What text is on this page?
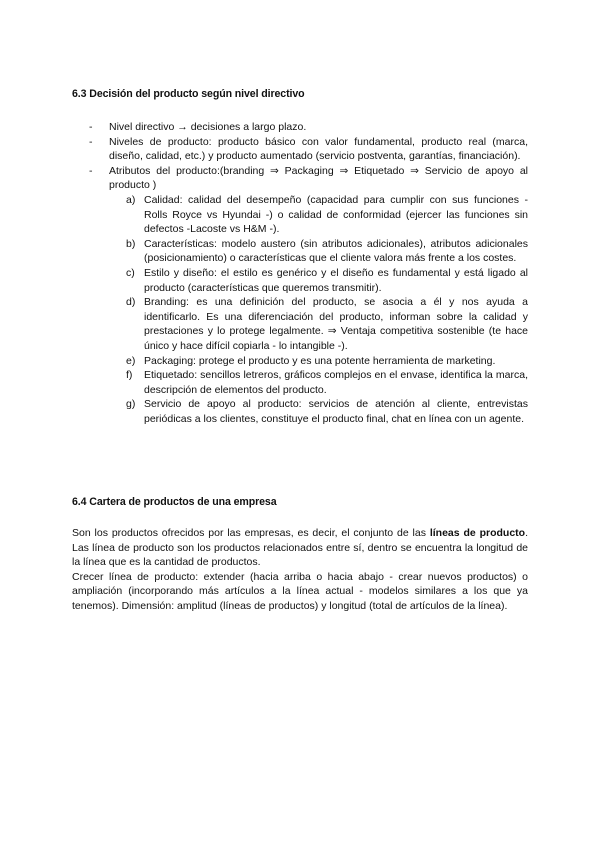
6.3 Decisión del producto según nivel directivo
- Nivel directivo → decisiones a largo plazo.
- Niveles de producto: producto básico con valor fundamental, producto real (marca, diseño, calidad, etc.) y producto aumentado (servicio postventa, garantías, financiación).
- Atributos del producto:(branding ⇒ Packaging ⇒ Etiquetado ⇒ Servicio de apoyo al producto )
a) Calidad: calidad del desempeño (capacidad para cumplir con sus funciones - Rolls Royce vs Hyundai -) o calidad de conformidad (ejercer las funciones sin defectos -Lacoste vs H&M -).
b) Características: modelo austero (sin atributos adicionales), atributos adicionales (posicionamiento) o características que el cliente valora más frente a los costes.
c) Estilo y diseño: el estilo es genérico y el diseño es fundamental y está ligado al producto (características que queremos transmitir).
d) Branding: es una definición del producto, se asocia a él y nos ayuda a identificarlo. Es una diferenciación del producto, informan sobre la calidad y prestaciones y lo protege legalmente. ⇒ Ventaja competitiva sostenible (te hace único y hace difícil copiarla - lo intangible -).
e) Packaging: protege el producto y es una potente herramienta de marketing.
f) Etiquetado: sencillos letreros, gráficos complejos en el envase, identifica la marca, descripción de elementos del producto.
g) Servicio de apoyo al producto: servicios de atención al cliente, entrevistas periódicas a los clientes, constituye el producto final, chat en línea con un agente.
6.4 Cartera de productos de una empresa

Son los productos ofrecidos por las empresas, es decir, el conjunto de las líneas de producto. Las línea de producto son los productos relacionados entre sí, dentro se encuentra la longitud de la línea que es la cantidad de productos.

Crecer línea de producto: extender (hacia arriba o hacia abajo - crear nuevos productos) o ampliación (incorporando más artículos a la línea actual - modelos similares a los que ya tenemos). Dimensión: amplitud (líneas de productos) y longitud (total de artículos de la línea).
